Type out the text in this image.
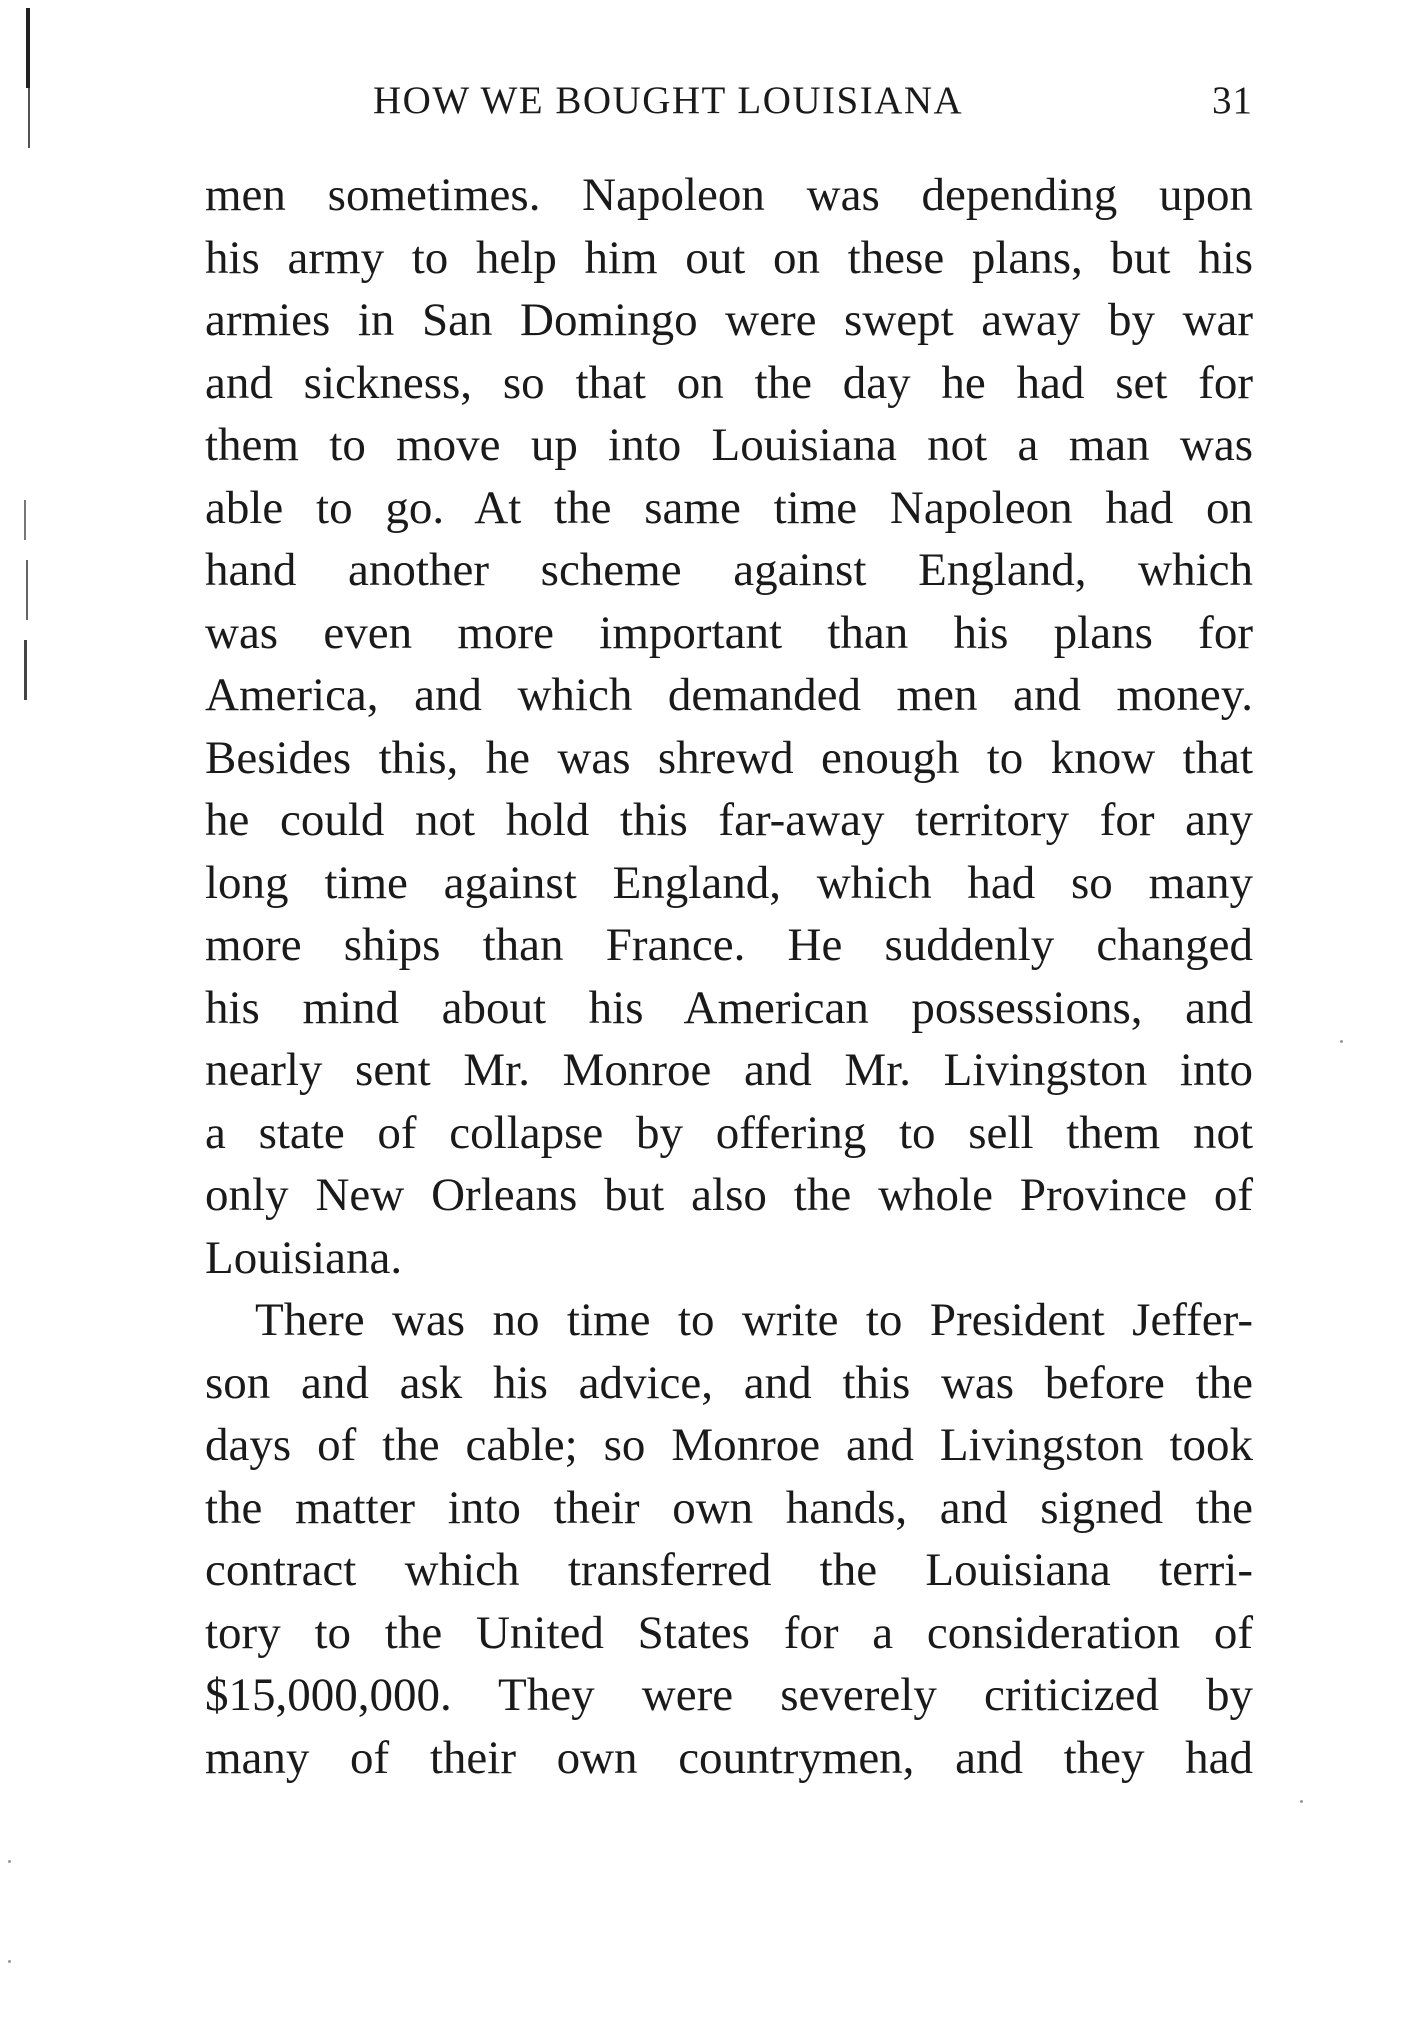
HOW WE BOUGHT LOUISIANA	31
men sometimes. Napoleon was depending upon
his army to help him out on these plans, but his
armies in San Domingo were swept away by war
and sickness, so that on the day he had set for
them to move up into Louisiana not a man was
able to go. At the same time Napoleon had on
hand another scheme against England, which
was even more important than his plans for
America, and which demanded men and money.
Besides this, he was shrewd enough to know that
he could not hold this far-away territory for any
long time against England, which had so many
more ships than France. He suddenly changed
his mind about his American possessions, and
nearly sent Mr. Monroe and Mr. Livingston into
a state of collapse by offering to sell them not
only New Orleans but also the whole Province of
Louisiana.
There was no time to write to President Jeffer-
son and ask his advice, and this was before the
days of the cable; so Monroe and Livingston took
the matter into their own hands, and signed the
contract which transferred the Louisiana terri-
tory to the United States for a consideration of
$15,000,000. They were severely criticized by
many of their own countrymen, and they had
